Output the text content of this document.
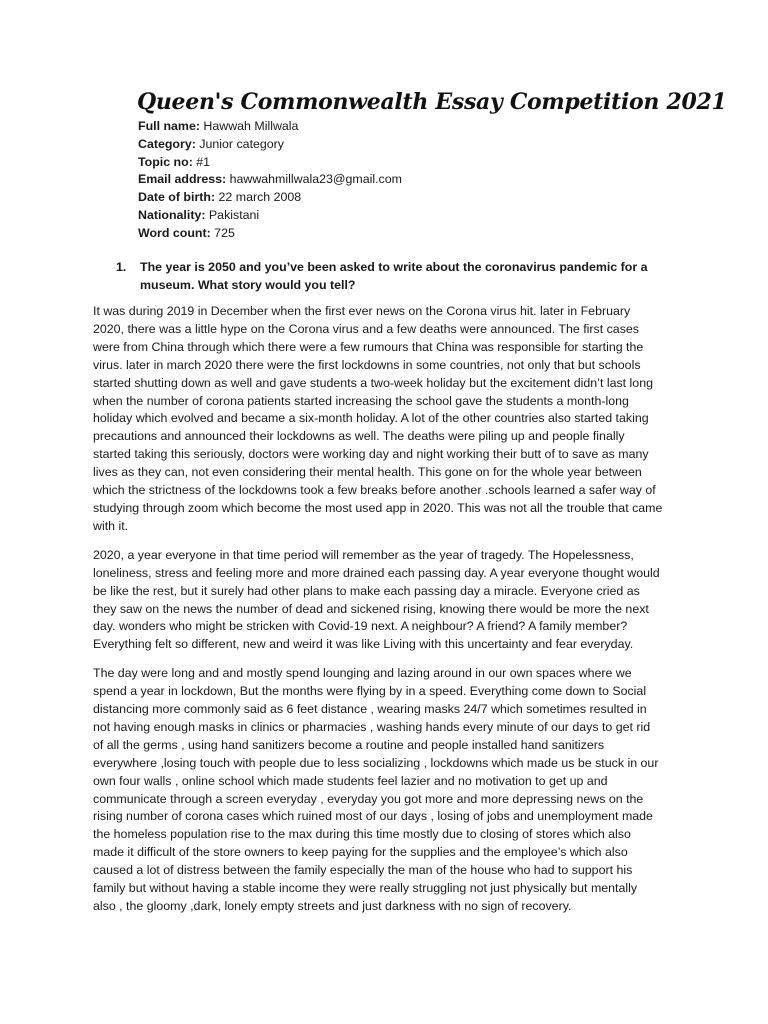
Queen's Commonwealth Essay Competition 2021
Full name: Hawwah Millwala
Category: Junior category
Topic no: #1
Email address: hawwahmillwala23@gmail.com
Date of birth: 22 march 2008
Nationality: Pakistani
Word count: 725
1. The year is 2050 and you’ve been asked to write about the coronavirus pandemic for a museum. What story would you tell?

It was during 2019 in December when the first ever news on the Corona virus hit. later in February 2020, there was a little hype on the Corona virus and a few deaths were announced. The first cases were from China through which there were a few rumours that China was responsible for starting the virus. later in march 2020 there were the first lockdowns in some countries, not only that but schools started shutting down as well and gave students a two-week holiday but the excitement didn’t last long when the number of corona patients started increasing the school gave the students a month-long holiday which evolved and became a six-month holiday. A lot of the other countries also started taking precautions and announced their lockdowns as well. The deaths were piling up and people finally started taking this seriously, doctors were working day and night working their butt of to save as many lives as they can, not even considering their mental health. This gone on for the whole year between which the strictness of the lockdowns took a few breaks before another .schools learned a safer way of studying through zoom which become the most used app in 2020. This was not all the trouble that came with it.

2020, a year everyone in that time period will remember as the year of tragedy. The Hopelessness, loneliness, stress and feeling more and more drained each passing day. A year everyone thought would be like the rest, but it surely had other plans to make each passing day a miracle. Everyone cried as they saw on the news the number of dead and sickened rising, knowing there would be more the next day. wonders who might be stricken with Covid-19 next. A neighbour? A friend? A family member? Everything felt so different, new and weird it was like Living with this uncertainty and fear everyday.

The day were long and and mostly spend lounging and lazing around in our own spaces where we spend a year in lockdown, But the months were flying by in a speed. Everything come down to Social distancing more commonly said as 6 feet distance , wearing masks 24/7 which sometimes resulted in not having enough masks in clinics or pharmacies , washing hands every minute of our days to get rid of all the germs , using hand sanitizers become a routine and people installed hand sanitizers everywhere ,losing touch with people due to less socializing , lockdowns which made us be stuck in our own four walls , online school which made students feel lazier and no motivation to get up and communicate through a screen everyday , everyday you got more and more depressing news on the rising number of corona cases which ruined most of our days , losing of jobs and unemployment made the homeless population rise to the max during this time mostly due to closing of stores which also made it difficult of the store owners to keep paying for the supplies and the employee’s which also caused a lot of distress between the family especially the man of the house who had to support his family but without having a stable income they were really struggling not just physically but mentally also , the gloomy ,dark, lonely empty streets and just darkness with no sign of recovery.
